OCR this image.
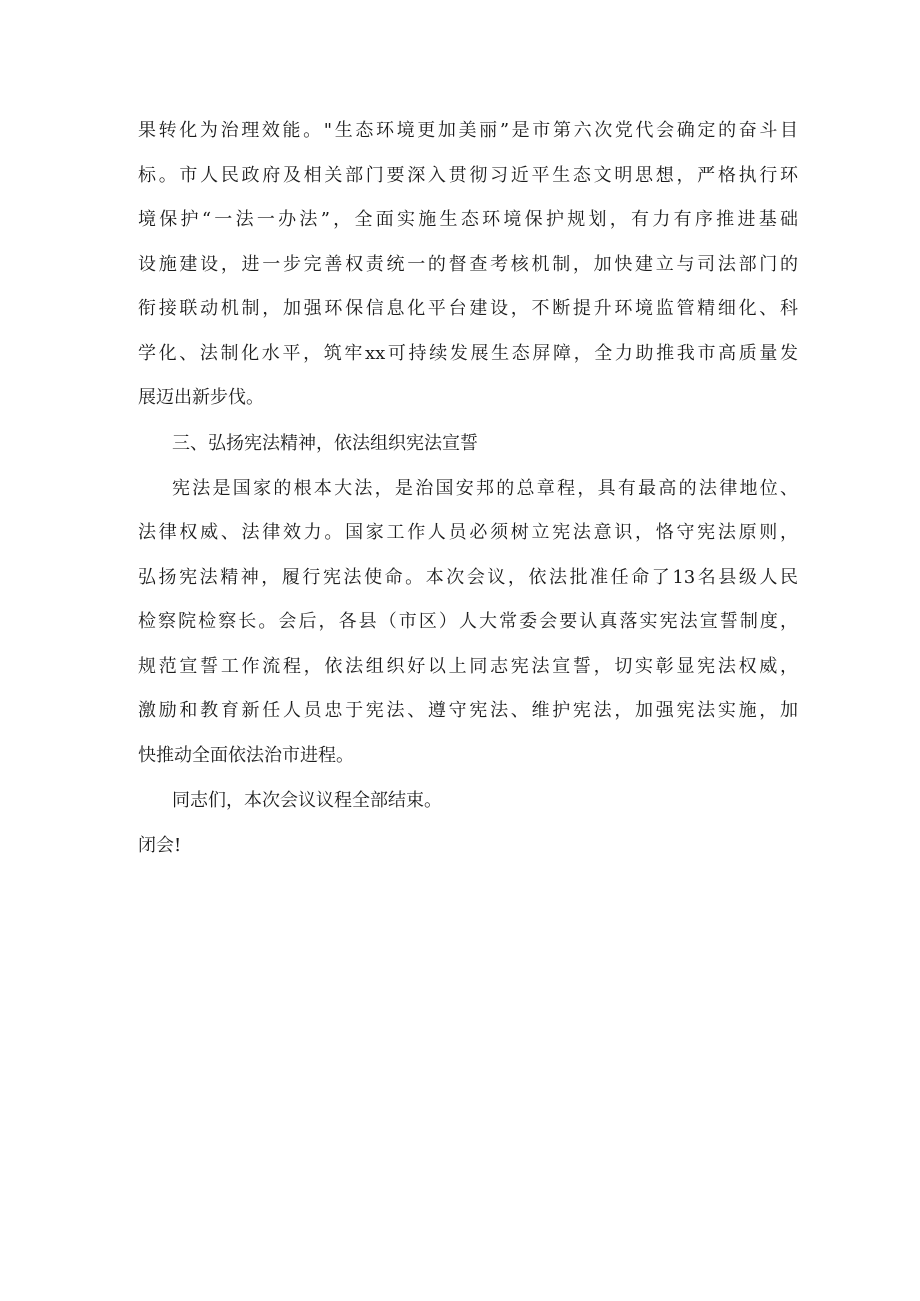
果转化为治理效能。"生态环境更加美丽”是市第六次党代会确定的奋斗目
标。市人民政府及相关部门要深入贯彻习近平生态文明思想，严格执行环
境保护“一法一办法”，全面实施生态环境保护规划，有力有序推进基础
设施建设，进一步完善权责统一的督查考核机制，加快建立与司法部门的
衔接联动机制，加强环保信息化平台建设，不断提升环境监管精细化、科
学化、法制化水平，筑牢xx可持续发展生态屏障，全力助推我市高质量发
展迈出新步伐。
三、弘扬宪法精神，依法组织宪法宣誓
宪法是国家的根本大法，是治国安邦的总章程，具有最高的法律地位、
法律权威、法律效力。国家工作人员必须树立宪法意识，恪守宪法原则，
弘扬宪法精神，履行宪法使命。本次会议，依法批准任命了13名县级人民
检察院检察长。会后，各县（市区）人大常委会要认真落实宪法宣誓制度，
规范宣誓工作流程，依法组织好以上同志宪法宣誓，切实彰显宪法权威，
激励和教育新任人员忠于宪法、遵守宪法、维护宪法，加强宪法实施，加
快推动全面依法治市进程。
同志们，本次会议议程全部结束。
闭会!
